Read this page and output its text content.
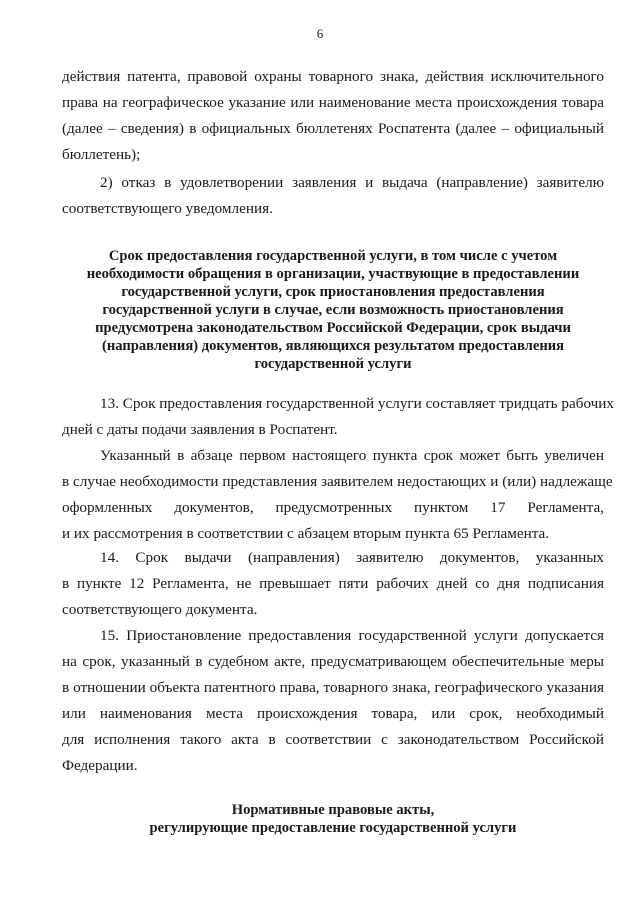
6
действия патента, правовой охраны товарного знака, действия исключительного
права на географическое указание или наименование места происхождения товара
(далее – сведения) в официальных бюллетенях Роспатента (далее – официальный
бюллетень);
2) отказ в удовлетворении заявления и выдача (направление) заявителю
соответствующего уведомления.
Срок предоставления государственной услуги, в том числе с учетом
необходимости обращения в организации, участвующие в предоставлении
государственной услуги, срок приостановления предоставления
государственной услуги в случае, если возможность приостановления
предусмотрена законодательством Российской Федерации, срок выдачи
(направления) документов, являющихся результатом предоставления
государственной услуги
13. Срок предоставления государственной услуги составляет тридцать рабочих
дней с даты подачи заявления в Роспатент.
Указанный в абзаце первом настоящего пункта срок может быть увеличен
в случае необходимости представления заявителем недостающих и (или) надлежаще
оформленных документов, предусмотренных пунктом 17 Регламента,
и их рассмотрения в соответствии с абзацем вторым пункта 65 Регламента.
14. Срок выдачи (направления) заявителю документов, указанных
в пункте 12 Регламента, не превышает пяти рабочих дней со дня подписания
соответствующего документа.
15. Приостановление предоставления государственной услуги допускается
на срок, указанный в судебном акте, предусматривающем обеспечительные меры
в отношении объекта патентного права, товарного знака, географического указания
или наименования места происхождения товара, или срок, необходимый
для исполнения такого акта в соответствии с законодательством Российской
Федерации.
Нормативные правовые акты,
регулирующие предоставление государственной услуги
